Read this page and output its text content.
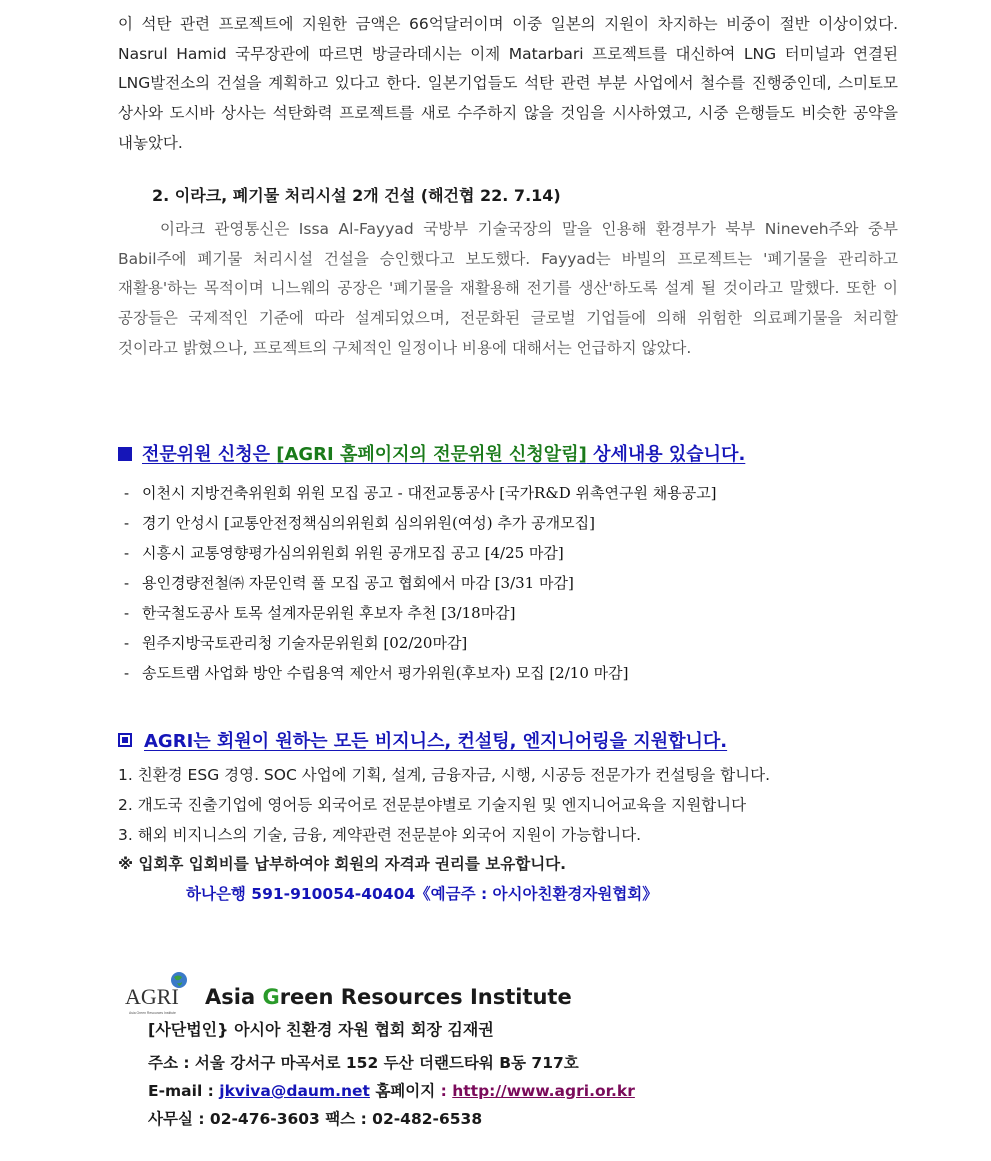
이 석탄 관련 프로젝트에 지원한 금액은 66억달러이며 이중 일본의 지원이 차지하는 비중이 절반 이상이었다. Nasrul Hamid 국무장관에 따르면 방글라데시는 이제 Matarbari 프로젝트를 대신하여 LNG 터미널과 연결된 LNG발전소의 건설을 계획하고 있다고 한다. 일본기업들도 석탄 관련 부분 사업에서 철수를 진행중인데, 스미토모 상사와 도시바 상사는 석탄화력 프로젝트를 새로 수주하지 않을 것임을 시사하였고, 시중 은행들도 비슷한 공약을 내놓았다.
2. 이라크, 폐기물 처리시설 2개 건설 (해건협 22. 7.14)
이라크 관영통신은 Issa Al-Fayyad 국방부 기술국장의 말을 인용해 환경부가 북부 Nineveh주와 중부 Babil주에 폐기물 처리시설 건설을 승인했다고 보도했다. Fayyad는 바빌의 프로젝트는 '폐기물을 관리하고 재활용'하는 목적이며 니느웨의 공장은 '폐기물을 재활용해 전기를 생산'하도록 설계 될 것이라고 말했다. 또한 이 공장들은 국제적인 기준에 따라 설계되었으며, 전문화된 글로벌 기업들에 의해 위험한 의료폐기물을 처리할 것이라고 밝혔으나, 프로젝트의 구체적인 일정이나 비용에 대해서는 언급하지 않았다.
전문위원 신청은 [AGRI 홈페이지의 전문위원 신청알림] 상세내용 있습니다.
- 이천시 지방건축위원회 위원 모집 공고 - 대전교통공사 [국가R&D 위촉연구원 채용공고]
- 경기 안성시 [교통안전정책심의위원회 심의위원(여성) 추가 공개모집]
- 시흥시 교통영향평가심의위원회 위원 공개모집 공고 [4/25 마감]
- 용인경량전철㈜ 자문인력 풀 모집 공고 협회에서 마감 [3/31 마감]
- 한국철도공사 토목 설계자문위원 후보자 추천 [3/18마감]
- 원주지방국토관리청 기술자문위원회 [02/20마감]
- 송도트램 사업화 방안 수립용역 제안서 평가위원(후보자) 모집 [2/10 마감]
AGRI는 회원이 원하는 모든 비지니스, 컨설팅, 엔지니어링을 지원합니다.
1. 친환경 ESG 경영. SOC 사업에 기획, 설계, 금융자금, 시행, 시공등 전문가가 컨설팅을 합니다.
2. 개도국 진출기업에 영어등 외국어로 전문분야별로 기술지원 및 엔지니어교육을 지원합니다
3. 해외 비지니스의 기술, 금융, 계약관련 전문분야 외국어 지원이 가능합니다.
※ 입회후 입회비를 납부하여야 회원의 자격과 권리를 보유합니다.
하나은행 591-910054-40404《예금주 : 아시아친환경자원협회》
AGRI
Asia Green Resources Institute
Asia Green Resources Institute
[사단법인} 아시아 친환경 자원 협회 회장 김재권
주소 : 서울 강서구 마곡서로 152 두산 더랜드타워 B동 717호
E-mail : jkviva@daum.net 홈페이지 : http://www.agri.or.kr
사무실 : 02-476-3603 팩스 : 02-482-6538
